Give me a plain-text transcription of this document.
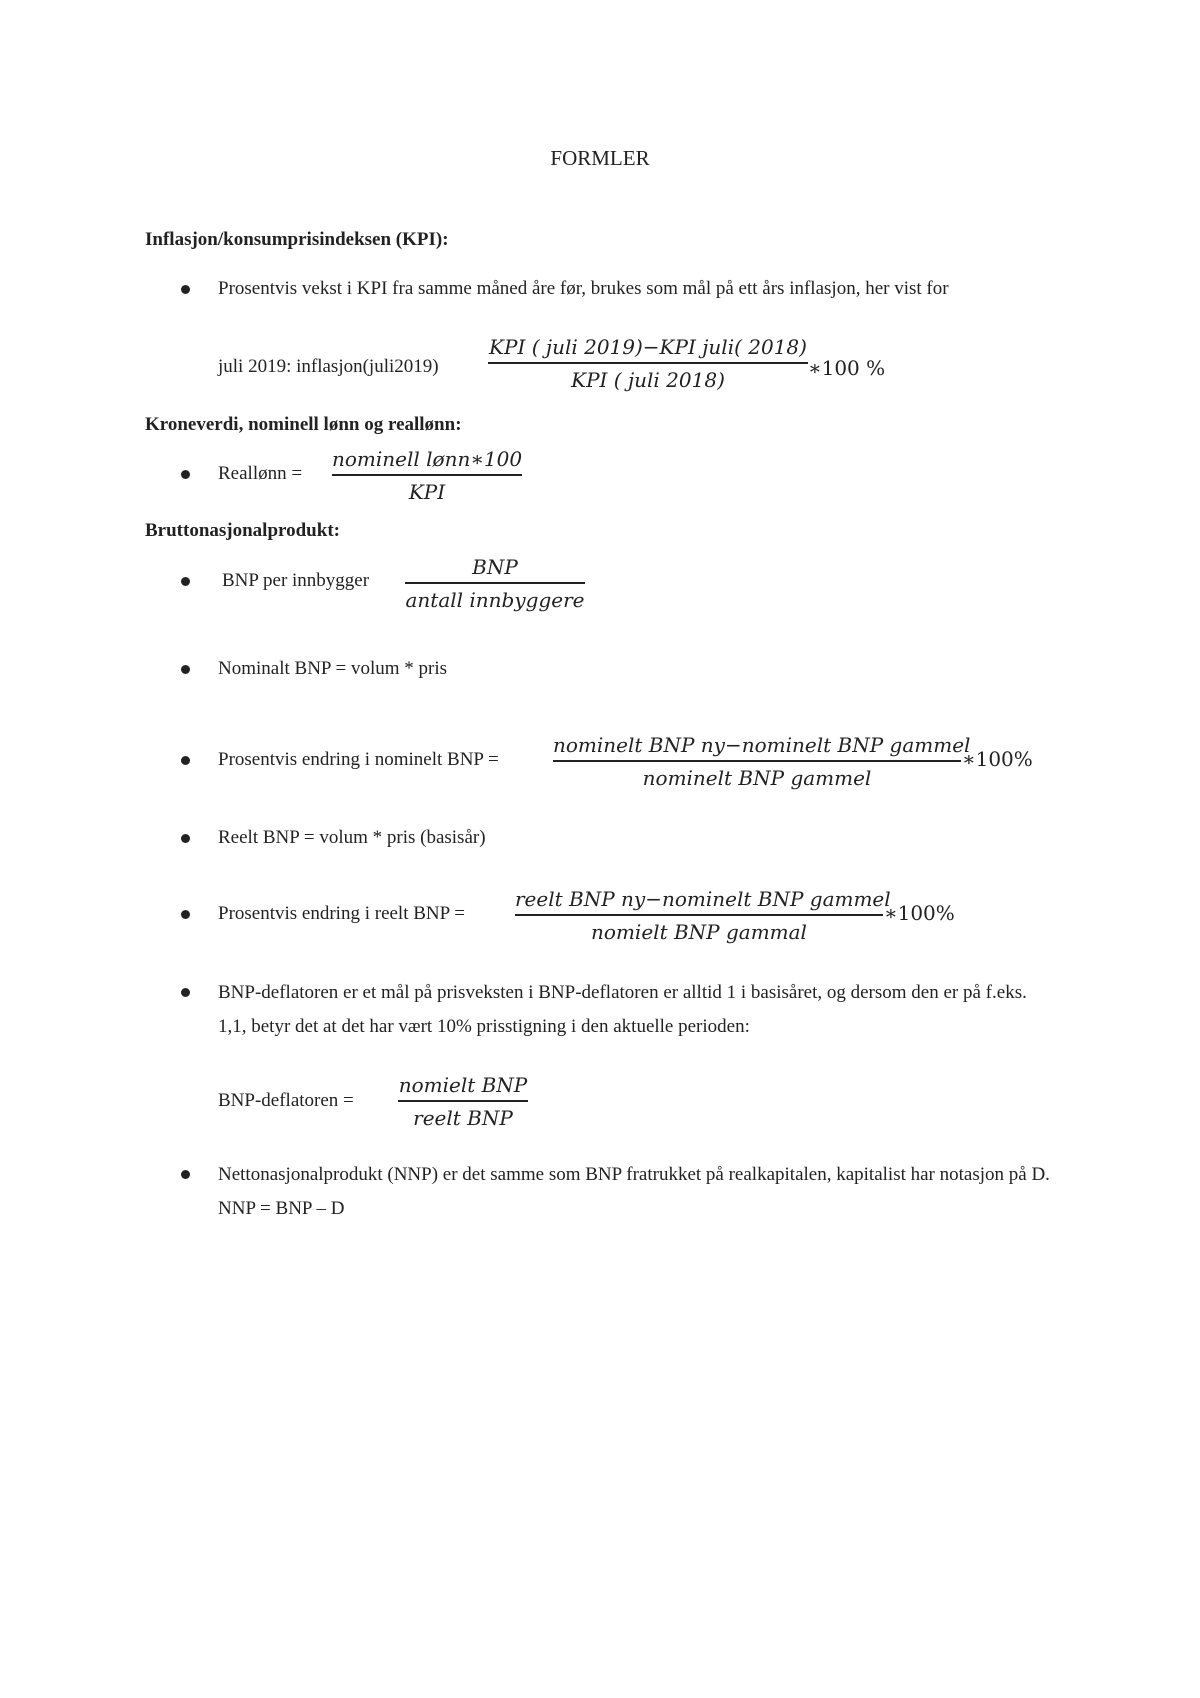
FORMLER
Inflasjon/konsumprisindeksen (KPI):
Prosentvis vekst i KPI fra samme måned åre før, brukes som mål på ett års inflasjon, her vist for
juli 2019: inflasjon(juli2019)
KPI ( juli 2019)−KPI juli( 2018)
KPI ( juli 2018)	∗100 %
Kroneverdi, nominell lønn og reallønn:
Reallønn =
nominell lønn∗100
KPI
Bruttonasjonalprodukt:
BNP per innbygger
BNP
antall innbyggere
Nominalt BNP = volum * pris
Prosentvis endring i nominelt BNP =
nominelt BNP ny−nominelt BNP gammel
nominelt BNP gammel
∗100%
Reelt BNP = volum * pris (basisår)
Prosentvis endring i reelt BNP =
reelt BNP ny−nominelt BNP gammel
nomielt BNP gammal
∗100%
BNP-deflatoren er et mål på prisveksten i BNP-deflatoren er alltid 1 i basisåret, og dersom den er på f.eks. 1,1, betyr det at det har vært 10% prisstigning i den aktuelle perioden:
BNP-deflatoren =
nomielt BNP
reelt BNP
Nettonasjonalprodukt (NNP) er det samme som BNP fratrukket på realkapitalen, kapitalist har notasjon på D. NNP = BNP – D
